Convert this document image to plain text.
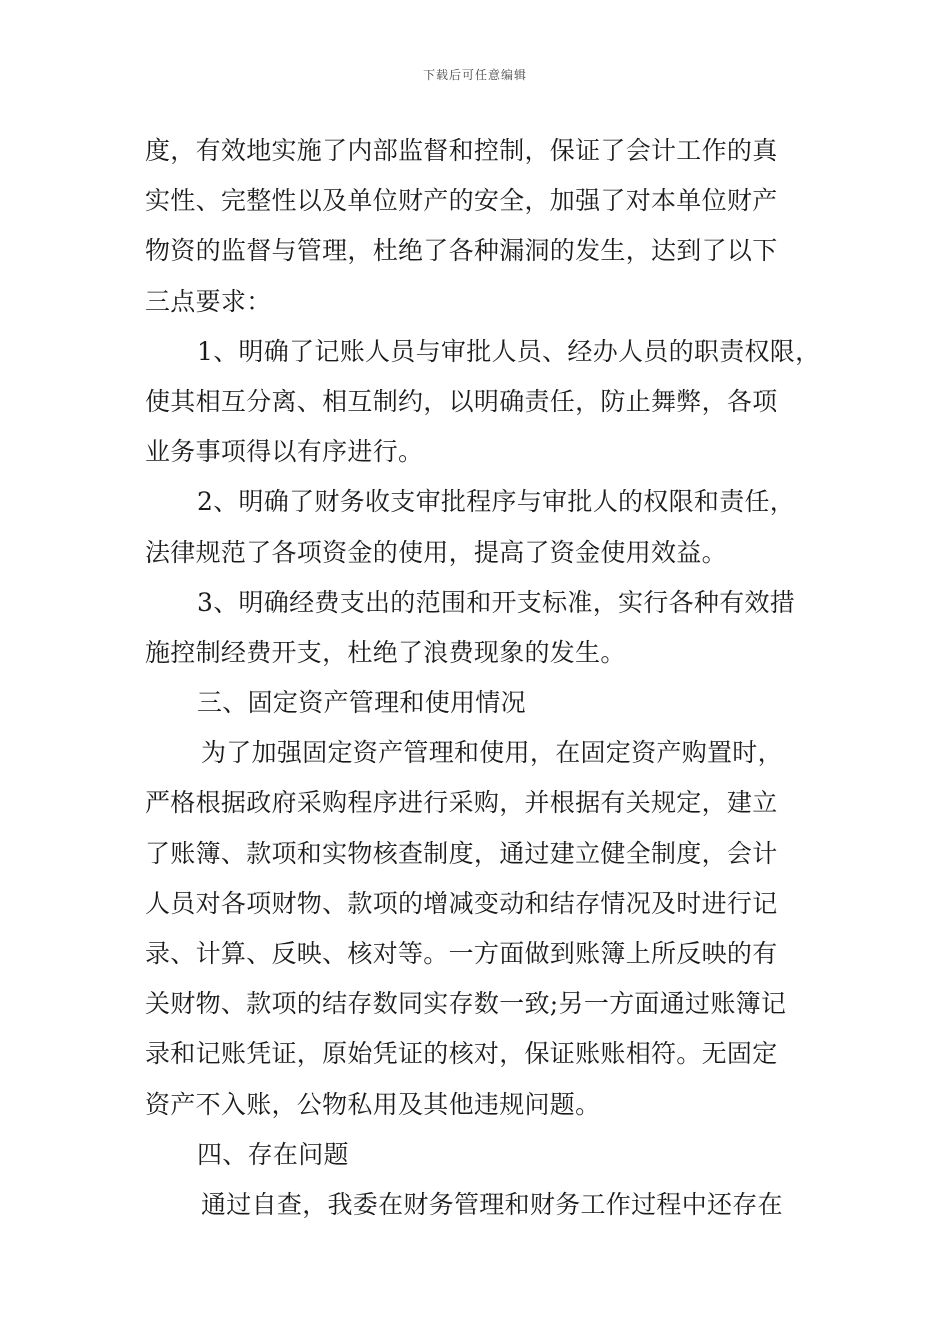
下载后可任意编辑
度，有效地实施了内部监督和控制，保证了会计工作的真
实性、完整性以及单位财产的安全，加强了对本单位财产
物资的监督与管理，杜绝了各种漏洞的发生，达到了以下
三点要求：
1、明确了记账人员与审批人员、经办人员的职责权限，
使其相互分离、相互制约，以明确责任，防止舞弊，各项
业务事项得以有序进行。
2、明确了财务收支审批程序与审批人的权限和责任，
法律规范了各项资金的使用，提高了资金使用效益。
3、明确经费支出的范围和开支标准，实行各种有效措
施控制经费开支，杜绝了浪费现象的发生。
三、固定资产管理和使用情况
为了加强固定资产管理和使用，在固定资产购置时，
严格根据政府采购程序进行采购，并根据有关规定，建立
了账簿、款项和实物核查制度，通过建立健全制度，会计
人员对各项财物、款项的增减变动和结存情况及时进行记
录、计算、反映、核对等。一方面做到账簿上所反映的有
关财物、款项的结存数同实存数一致;另一方面通过账簿记
录和记账凭证，原始凭证的核对，保证账账相符。无固定
资产不入账，公物私用及其他违规问题。
四、存在问题
通过自查，我委在财务管理和财务工作过程中还存在
